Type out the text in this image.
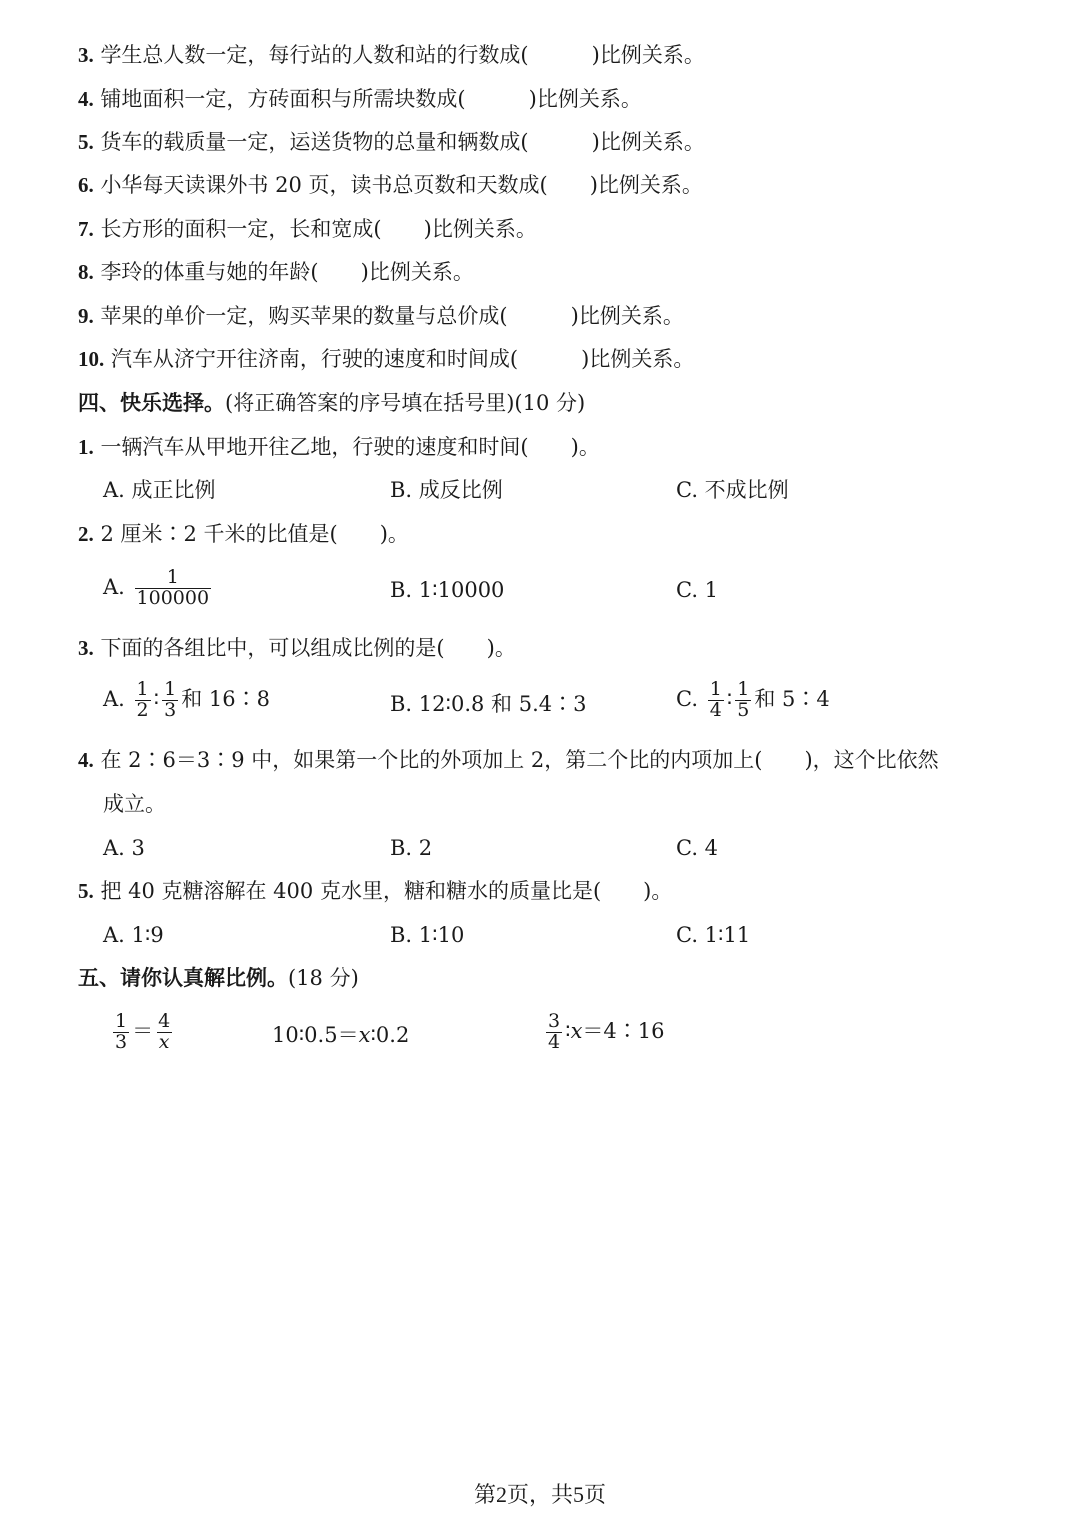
3. 学生总人数一定，每行站的人数和站的行数成(　　　)比例关系。
4. 铺地面积一定，方砖面积与所需块数成(　　　)比例关系。
5. 货车的载质量一定，运送货物的总量和辆数成(　　　)比例关系。
6. 小华每天读课外书 20 页，读书总页数和天数成(　　)比例关系。
7. 长方形的面积一定，长和宽成(　　)比例关系。
8. 李玲的体重与她的年龄(　　)比例关系。
9. 苹果的单价一定，购买苹果的数量与总价成(　　　)比例关系。
10. 汽车从济宁开往济南，行驶的速度和时间成(　　　)比例关系。
四、快乐选择。(将正确答案的序号填在括号里)(10 分)
1. 一辆汽车从甲地开往乙地，行驶的速度和时间(　　)。
A. 成正比例	B. 成反比例	C. 不成比例
2. 2 厘米∶2 千米的比值是(　　)。
A. $\frac{1}{100000}$	B. 1∶10000	C. 1
3. 下面的各组比中，可以组成比例的是(　　)。
A. $\frac{1}{2}$ ∶ $\frac{1}{3}$ 和 16∶8	B. 12∶0.8 和 5.4∶3	C. $\frac{1}{4}$ ∶ $\frac{1}{5}$ 和 5∶4
4. 在 2∶6＝3∶9 中，如果第一个比的外项加上 2，第二个比的内项加上(　　)，这个比依然
成立。
A. 3	B. 2	C. 4
5. 把 40 克糖溶解在 400 克水里，糖和糖水的质量比是(　　)。
A. 1∶9	B. 1∶10	C. 1∶11
五、请你认真解比例。(18 分)
$\frac{1}{3} = \frac{4}{x}$	10∶0.5＝x∶0.2	$\frac{3}{4}$ ∶x＝4∶16
第2页，共5页
